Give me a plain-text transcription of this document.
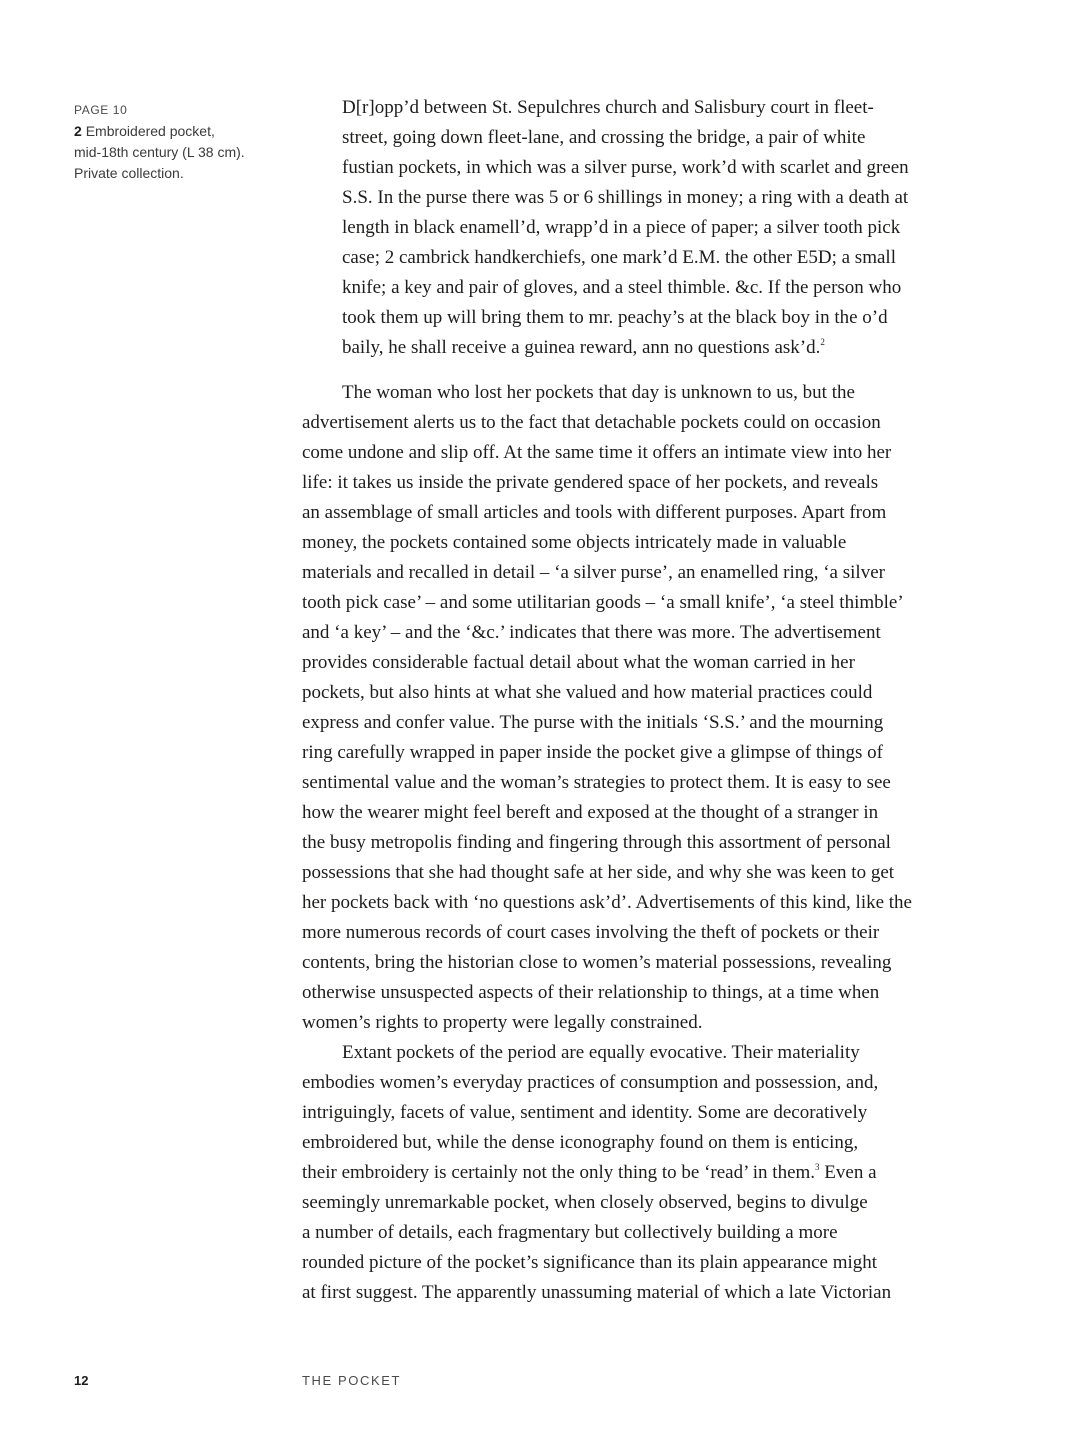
PAGE 10
2 Embroidered pocket,
mid-18th century (L 38 cm).
Private collection.
D[r]opp’d between St. Sepulchres church and Salisbury court in fleet-
street, going down fleet-lane, and crossing the bridge, a pair of white
fustian pockets, in which was a silver purse, work’d with scarlet and green
S.S. In the purse there was 5 or 6 shillings in money; a ring with a death at
length in black enamell’d, wrapp’d in a piece of paper; a silver tooth pick
case; 2 cambrick handkerchiefs, one mark’d E.M. the other E5D; a small
knife; a key and pair of gloves, and a steel thimble. &c. If the person who
took them up will bring them to mr. peachy’s at the black boy in the o’d
baily, he shall receive a guinea reward, ann no questions ask’d.$^2$
The woman who lost her pockets that day is unknown to us, but the
advertisement alerts us to the fact that detachable pockets could on occasion
come undone and slip off. At the same time it offers an intimate view into her
life: it takes us inside the private gendered space of her pockets, and reveals
an assemblage of small articles and tools with different purposes. Apart from
money, the pockets contained some objects intricately made in valuable
materials and recalled in detail – ‘a silver purse’, an enamelled ring, ‘a silver
tooth pick case’ – and some utilitarian goods – ‘a small knife’, ‘a steel thimble’
and ‘a key’ – and the ‘&c.’ indicates that there was more. The advertisement
provides considerable factual detail about what the woman carried in her
pockets, but also hints at what she valued and how material practices could
express and confer value. The purse with the initials ‘S.S.’ and the mourning
ring carefully wrapped in paper inside the pocket give a glimpse of things of
sentimental value and the woman’s strategies to protect them. It is easy to see
how the wearer might feel bereft and exposed at the thought of a stranger in
the busy metropolis finding and fingering through this assortment of personal
possessions that she had thought safe at her side, and why she was keen to get
her pockets back with ‘no questions ask’d’. Advertisements of this kind, like the
more numerous records of court cases involving the theft of pockets or their
contents, bring the historian close to women’s material possessions, revealing
otherwise unsuspected aspects of their relationship to things, at a time when
women’s rights to property were legally constrained.
Extant pockets of the period are equally evocative. Their materiality
embodies women’s everyday practices of consumption and possession, and,
intriguingly, facets of value, sentiment and identity. Some are decoratively
embroidered but, while the dense iconography found on them is enticing,
their embroidery is certainly not the only thing to be ‘read’ in them.$^3$ Even a
seemingly unremarkable pocket, when closely observed, begins to divulge
a number of details, each fragmentary but collectively building a more
rounded picture of the pocket’s significance than its plain appearance might
at first suggest. The apparently unassuming material of which a late Victorian
12	THE POCKET
